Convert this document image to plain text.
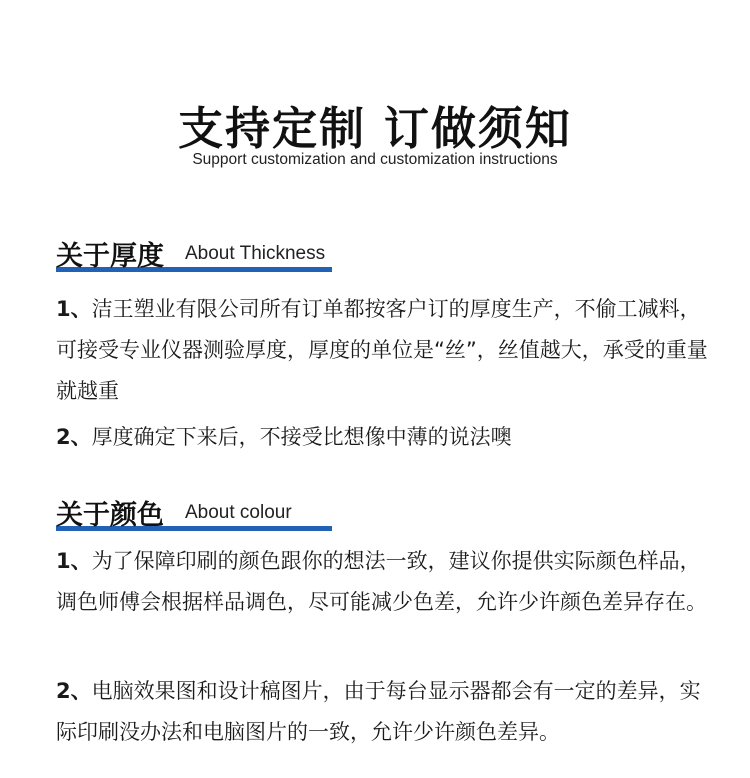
支持定制 订做须知
Support customization and customization instructions
关于厚度 About Thickness

1、洁王塑业有限公司所有订单都按客户订的厚度生产，不偷工减料，可接受专业仪器测验厚度，厚度的单位是“丝”，丝值越大，承受的重量就越重

2、厚度确定下来后，不接受比想像中薄的说法噢

关于颜色 About colour

1、为了保障印刷的颜色跟你的想法一致，建议你提供实际颜色样品，调色师傅会根据样品调色，尽可能减少色差，允许少许颜色差异存在。

2、电脑效果图和设计稿图片，由于每台显示器都会有一定的差异，实际印刷没办法和电脑图片的一致，允许少许颜色差异。
